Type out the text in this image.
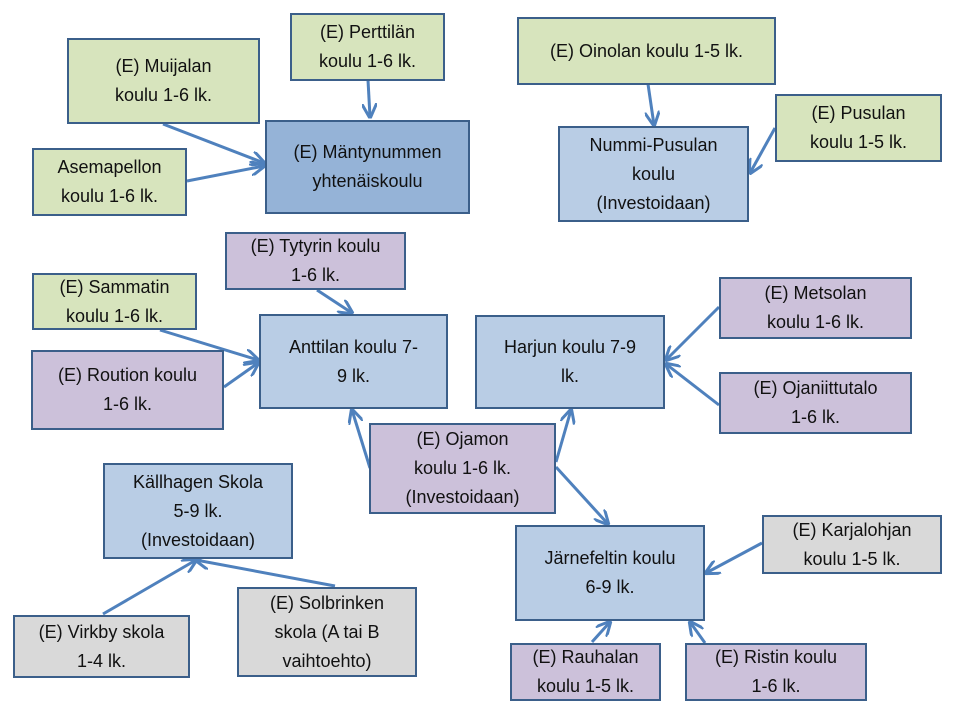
(E) Perttilän
koulu 1-6 lk.
(E) Muijalan
koulu 1-6 lk.
Asemapellon
koulu 1-6 lk.
(E) Mäntynummen
yhtenäiskoulu
(E) Oinolan koulu 1-5 lk.
Nummi-Pusulan
koulu
(Investoidaan)
(E) Pusulan
koulu 1-5 lk.
(E) Tytyrin koulu
1-6 lk.
(E) Sammatin
koulu 1-6 lk.
(E) Roution koulu
1-6 lk.
Anttilan koulu 7-
9 lk.
Harjun koulu 7-9
lk.
(E) Metsolan
koulu 1-6 lk.
(E) Ojaniittutalo
1-6 lk.
(E) Ojamon
koulu 1-6 lk.
(Investoidaan)
Källhagen Skola
5-9 lk.
(Investoidaan)
(E) Virkby skola
1-4 lk.
(E) Solbrinken
skola (A tai B
vaihtoehto)
Järnefeltin koulu
6-9 lk.
(E) Karjalohjan
koulu 1-5 lk.
(E) Rauhalan
koulu 1-5 lk.
(E) Ristin koulu
1-6 lk.
